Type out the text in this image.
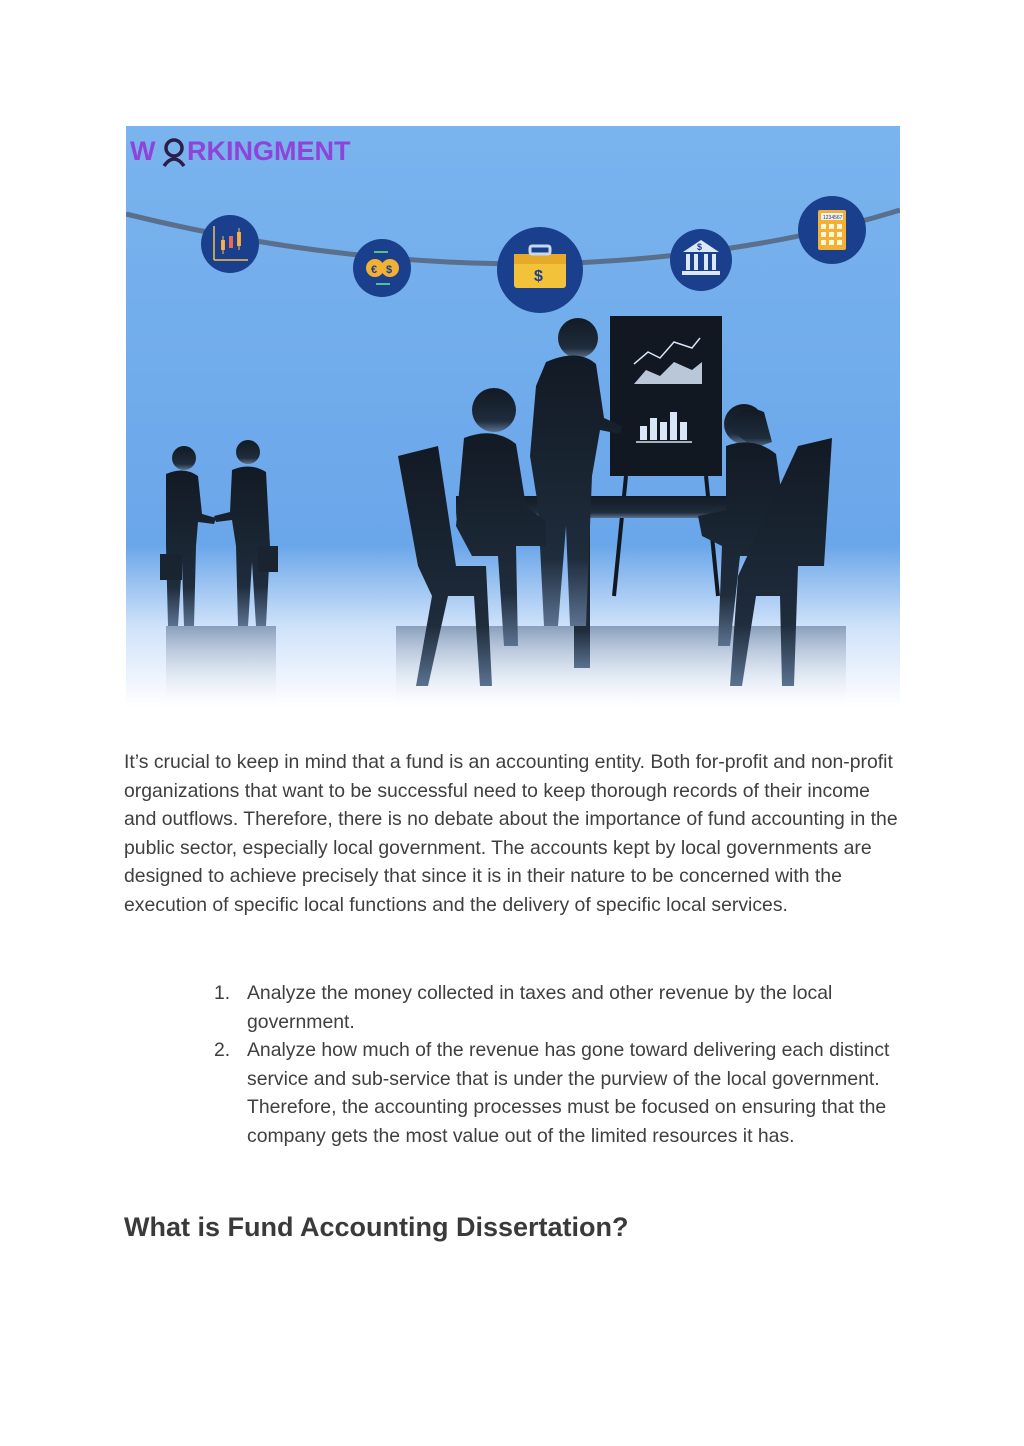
W RKINGMENT
€ $	$
$
1234567

It’s crucial to keep in mind that a fund is an accounting entity. Both for-profit and non-profit organizations that want to be successful need to keep thorough records of their income and outflows. Therefore, there is no debate about the importance of fund accounting in the public sector, especially local government. The accounts kept by local governments are designed to achieve precisely that since it is in their nature to be concerned with the execution of specific local functions and the delivery of specific local services.

1. Analyze the money collected in taxes and other revenue by the local government.
2. Analyze how much of the revenue has gone toward delivering each distinct service and sub-service that is under the purview of the local government. Therefore, the accounting processes must be focused on ensuring that the company gets the most value out of the limited resources it has.
What is Fund Accounting Dissertation?
